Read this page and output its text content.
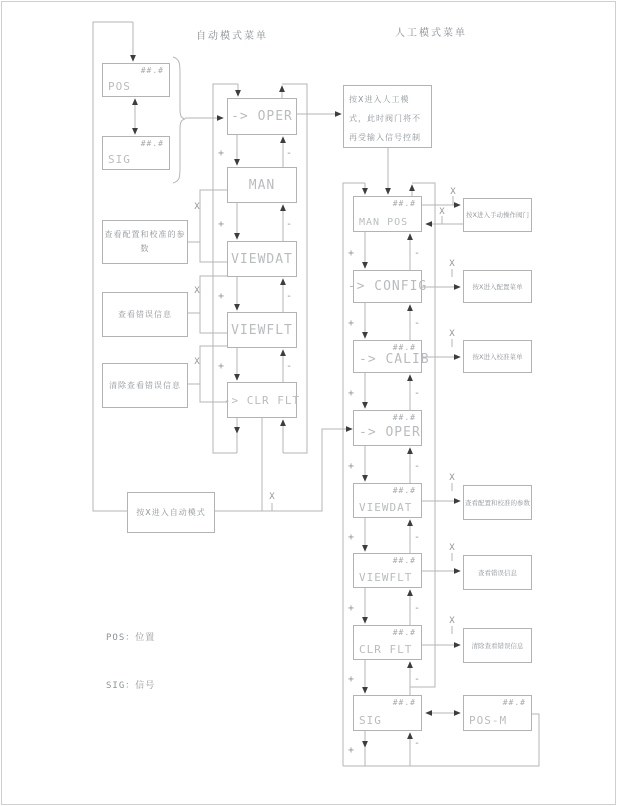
自动模式菜单	人工模式菜单
POS
##.#
SIG
##.#
-> OPER
MAN
VIEWDAT
VIEWFLT
-> CLR FLT
查看配置和校准的参数
查看错误信息
清除查看错误信息
按X进入自动模式
按X进入人工模式，此时阀门将不再受输入信号控制
MAN POS
##.#
-> CONFIG
-> CALIB
##.#
-> OPER
##.#
VIEWDAT
##.#
VIEWFLT
##.#
CLR FLT
##.#
SIG
##.#
POS-M
##.#
按X进入手动操作阀门
按X进入配置菜单
按X进入校准菜单
查看配置和校准的参数
查看错误信息
清除查看错误信息
POS：位置
SIG：信号
+	-
+	-
+	-
+	-
+	-
+	-
+	-
+	-
+	-
+	-
+	-
+
-
X
X
X
X
X
X
X
X
X
X
X
